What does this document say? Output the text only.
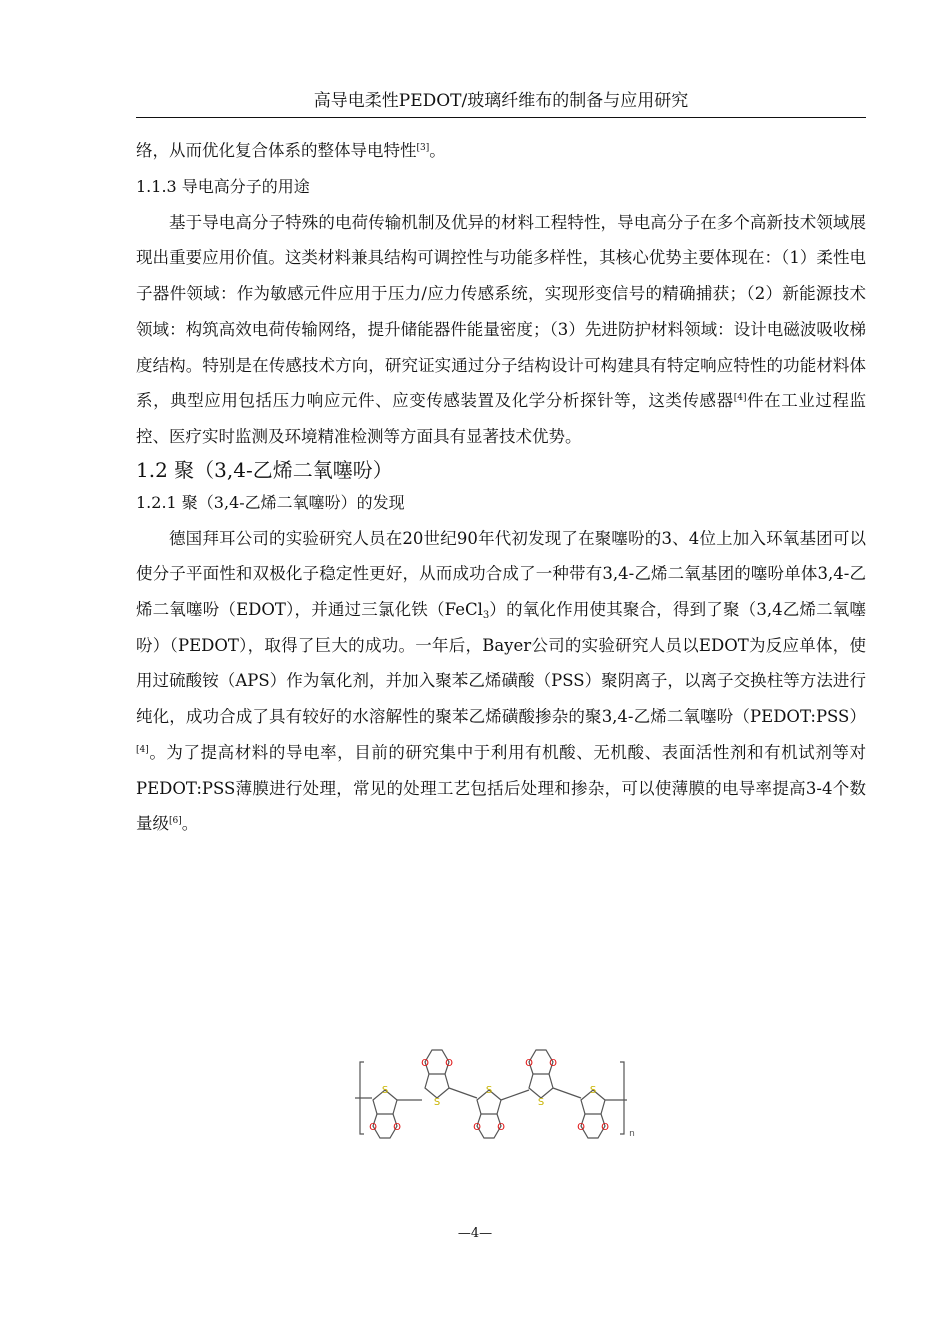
高导电柔性PEDOT/玻璃纤维布的制备与应用研究

络，从而优化复合体系的整体导电特性[3]。

1.1.3 导电高分子的用途

基于导电高分子特殊的电荷传输机制及优异的材料工程特性，导电高分子在多个高新技术领域展现出重要应用价值。这类材料兼具结构可调控性与功能多样性，其核心优势主要体现在：（1）柔性电子器件领域：作为敏感元件应用于压力/应力传感系统，实现形变信号的精确捕获；（2）新能源技术领域：构筑高效电荷传输网络，提升储能器件能量密度；（3）先进防护材料领域：设计电磁波吸收梯度结构。特别是在传感技术方向，研究证实通过分子结构设计可构建具有特定响应特性的功能材料体系，典型应用包括压力响应元件、应变传感装置及化学分析探针等，这类传感器[4]件在工业过程监控、医疗实时监测及环境精准检测等方面具有显著技术优势。

1.2 聚（3,4-乙烯二氧噻吩）

1.2.1 聚（3,4-乙烯二氧噻吩）的发现

德国拜耳公司的实验研究人员在20世纪90年代初发现了在聚噻吩的3、4位上加入环氧基团可以使分子平面性和双极化子稳定性更好，从而成功合成了一种带有3,4-乙烯二氧基团的噻吩单体3,4-乙烯二氧噻吩（EDOT），并通过三氯化铁（FeCl$_3$）的氧化作用使其聚合，得到了聚（3,4乙烯二氧噻吩）（PEDOT），取得了巨大的成功。一年后，Bayer公司的实验研究人员以EDOT为反应单体，使用过硫酸铵（APS）作为氧化剂，并加入聚苯乙烯磺酸（PSS）聚阴离子，以离子交换柱等方法进行纯化，成功合成了具有较好的水溶解性的聚苯乙烯磺酸掺杂的聚3,4-乙烯二氧噻吩（PEDOT:PSS）[4]。为了提高材料的导电率，目前的研究集中于利用有机酸、无机酸、表面活性剂和有机试剂等对PEDOT:PSS薄膜进行处理，常见的处理工艺包括后处理和掺杂，可以使薄膜的电导率提高3-4个数量级[6]。

S
O O
S
O O
S
O O
S
O O
S
O O
n
—4—
